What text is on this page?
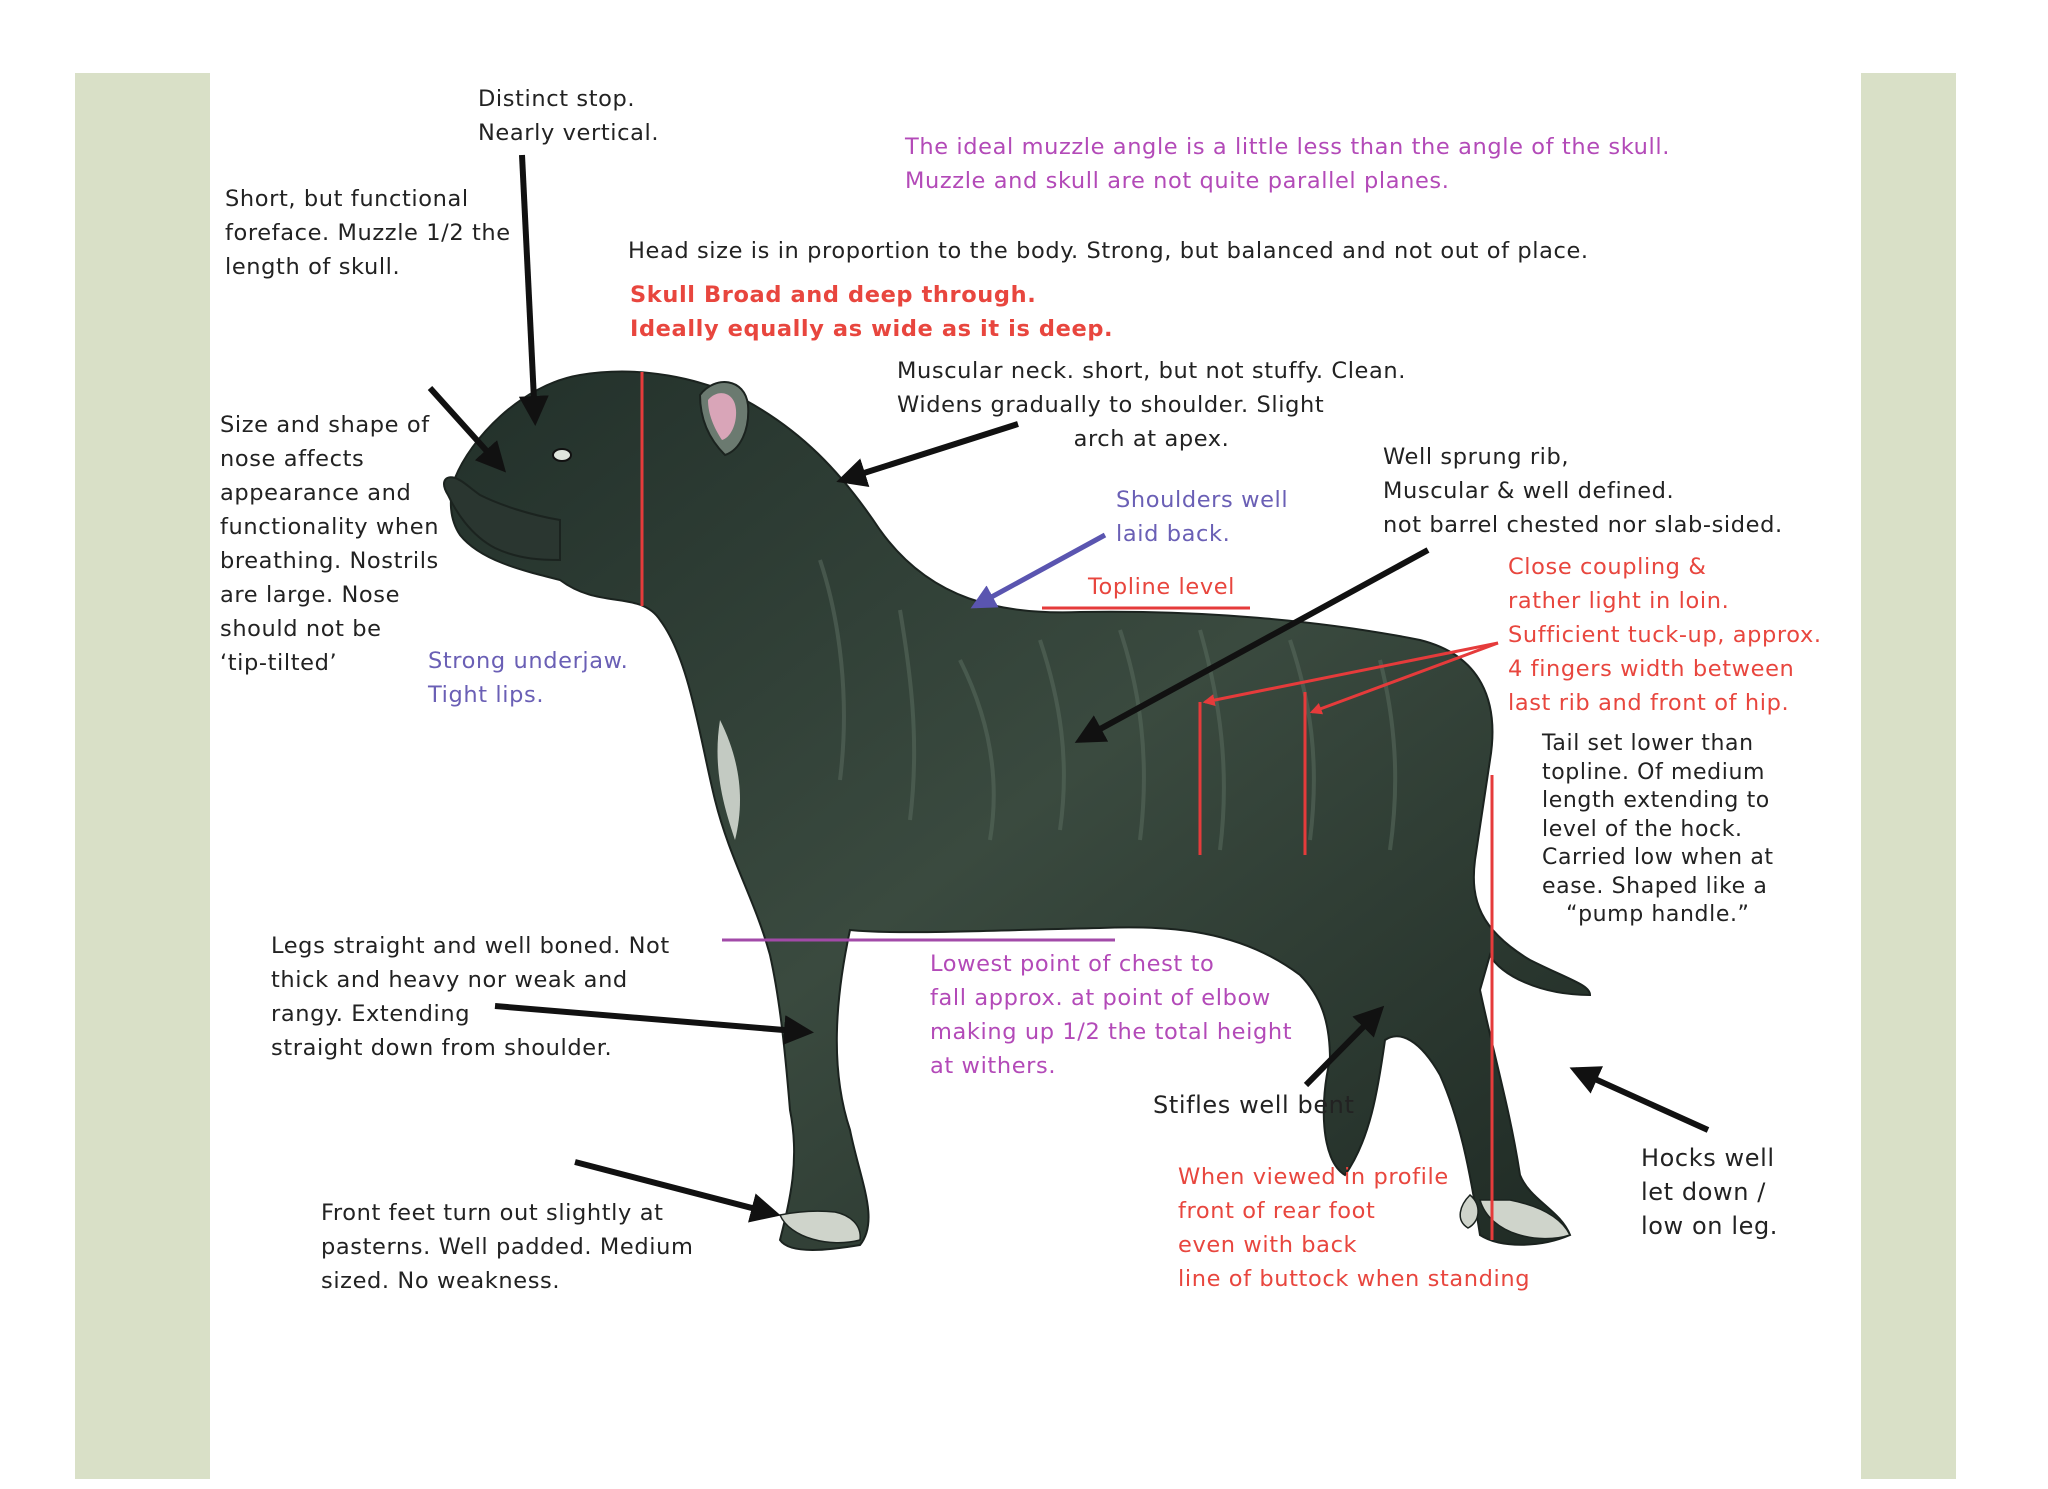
Distinct stop.
Nearly vertical.
Short, but functional
foreface. Muzzle 1/2 the
length of skull.
The ideal muzzle angle is a little less than the angle of the skull.
Muzzle and skull are not quite parallel planes.
Head size is in proportion to the body. Strong, but balanced and not out of place.
Skull Broad and deep through.
Ideally equally as wide as it is deep.
Muscular neck. short, but not stuffy. Clean.
Widens gradually to shoulder. Slight
arch at apex.
Size and shape of
nose affects
appearance and
functionality when
breathing. Nostrils
are large. Nose
should not be
‘tip-tilted’	Strong underjaw.
Tight lips.
Shoulders well
laid back.
Topline level
Well sprung rib,
Muscular & well defined.
not barrel chested nor slab-sided.
Close coupling &
rather light in loin.
Sufficient tuck-up, approx.
4 fingers width between
last rib and front of hip.
Tail set lower than
topline. Of medium
length extending to
level of the hock.
Carried low when at
ease. Shaped like a
“pump handle.”
Legs straight and well boned. Not
thick and heavy nor weak and
rangy. Extending
straight down from shoulder.
Lowest point of chest to
fall approx. at point of elbow
making up 1/2 the total height
at withers.
Stifles well bent
Hocks well
let down /
low on leg.
Front feet turn out slightly at
pasterns. Well padded. Medium
sized. No weakness.
When viewed in profile
front of rear foot
even with back
line of buttock when standing
